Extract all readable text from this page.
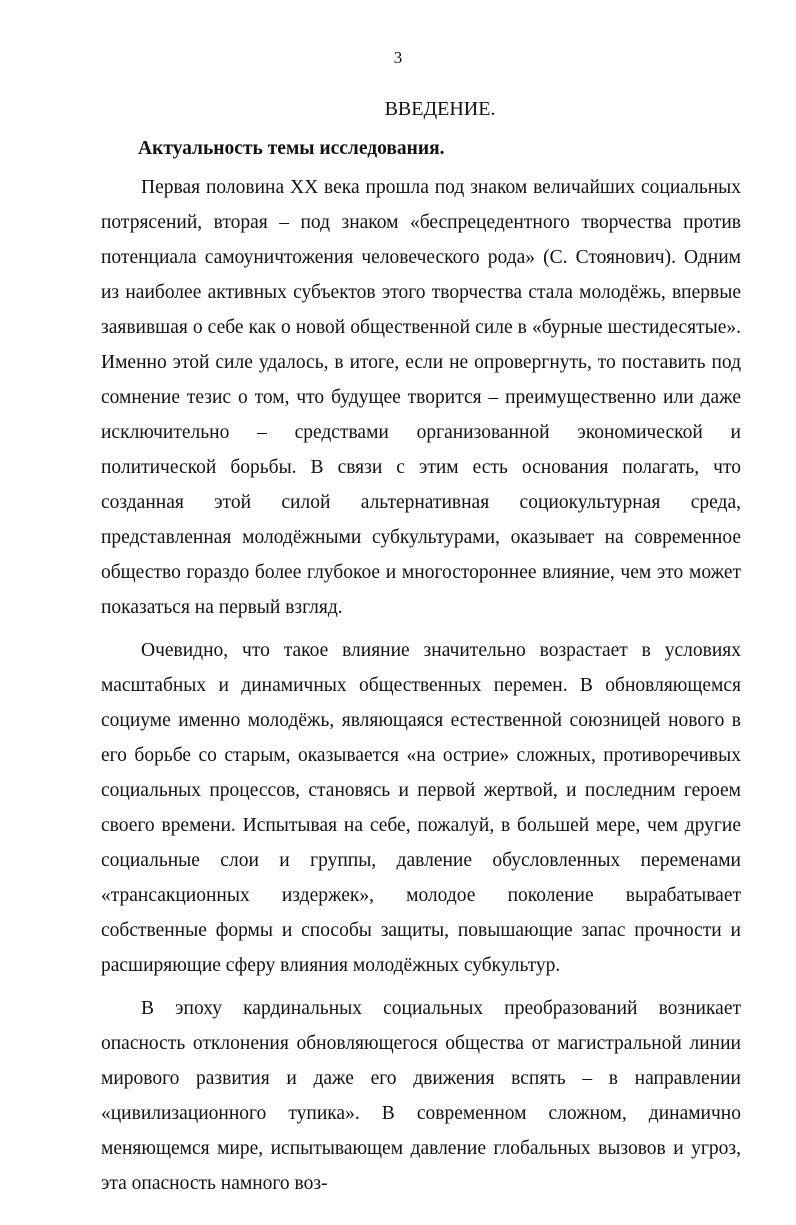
3

ВВЕДЕНИЕ.
Актуальность темы исследования.

Первая половина XX века прошла под знаком величайших социальных потрясений, вторая – под знаком «беспрецедентного творчества против потенциала самоуничтожения человеческого рода» (С. Стоянович). Одним из наиболее активных субъектов этого творчества стала молодёжь, впервые заявившая о себе как о новой общественной силе в «бурные шестидесятые». Именно этой силе удалось, в итоге, если не опровергнуть, то поставить под сомнение тезис о том, что будущее творится – преимущественно или даже исключительно – средствами организованной экономической и политической борьбы. В связи с этим есть основания полагать, что созданная этой силой альтернативная социокультурная среда, представленная молодёжными субкультурами, оказывает на современное общество гораздо более глубокое и многостороннее влияние, чем это может показаться на первый взгляд.

Очевидно, что такое влияние значительно возрастает в условиях масштабных и динамичных общественных перемен. В обновляющемся социуме именно молодёжь, являющаяся естественной союзницей нового в его борьбе со старым, оказывается «на острие» сложных, противоречивых социальных процессов, становясь и первой жертвой, и последним героем своего времени. Испытывая на себе, пожалуй, в большей мере, чем другие социальные слои и группы, давление обусловленных переменами «трансакционных издержек», молодое поколение вырабатывает собственные формы и способы защиты, повышающие запас прочности и расширяющие сферу влияния молодёжных субкультур.

В эпоху кардинальных социальных преобразований возникает опасность отклонения обновляющегося общества от магистральной линии мирового развития и даже его движения вспять – в направлении «цивилизационного тупика». В современном сложном, динамично меняющемся мире, испытывающем давление глобальных вызовов и угроз, эта опасность намного воз-
